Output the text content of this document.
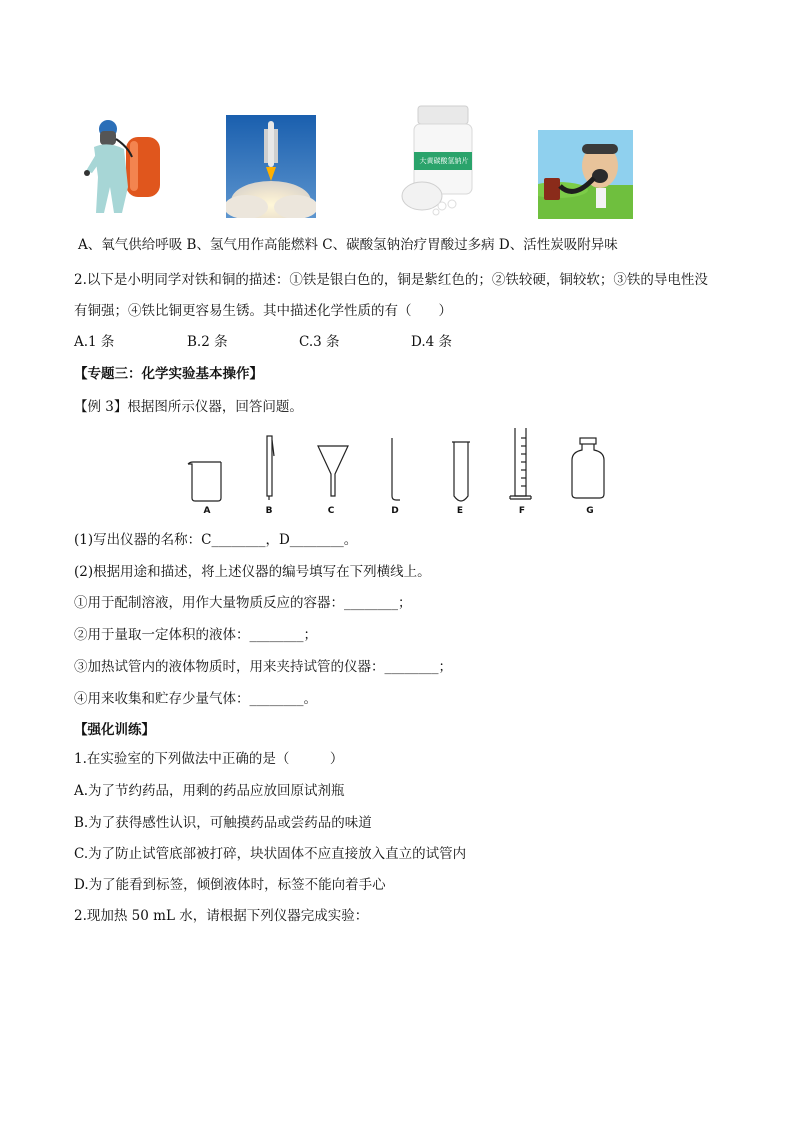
大黄碳酸氢钠片
A、氧气供给呼吸 B、氢气用作高能燃料 C、碳酸氢钠治疗胃酸过多病 D、活性炭吸附异味
2.以下是小明同学对铁和铜的描述：①铁是银白色的，铜是紫红色的；②铁较硬，铜较软；③铁的导电性没
有铜强；④铁比铜更容易生锈。其中描述化学性质的有（　　）
A.1 条	B.2 条	C.3 条	D.4 条
【专题三：化学实验基本操作】
【例 3】根据图所示仪器，回答问题。
A	B	C	D	E	F	G
(1)写出仪器的名称：C________，D________。
(2)根据用途和描述，将上述仪器的编号填写在下列横线上。
①用于配制溶液，用作大量物质反应的容器：________；
②用于量取一定体积的液体：________；
③加热试管内的液体物质时，用来夹持试管的仪器：________；
④用来收集和贮存少量气体：________。
【强化训练】
1.在实验室的下列做法中正确的是（　　　）
A.为了节约药品，用剩的药品应放回原试剂瓶
B.为了获得感性认识，可触摸药品或尝药品的味道
C.为了防止试管底部被打碎，块状固体不应直接放入直立的试管内
D.为了能看到标签，倾倒液体时，标签不能向着手心
2.现加热 50 mL 水，请根据下列仪器完成实验：
